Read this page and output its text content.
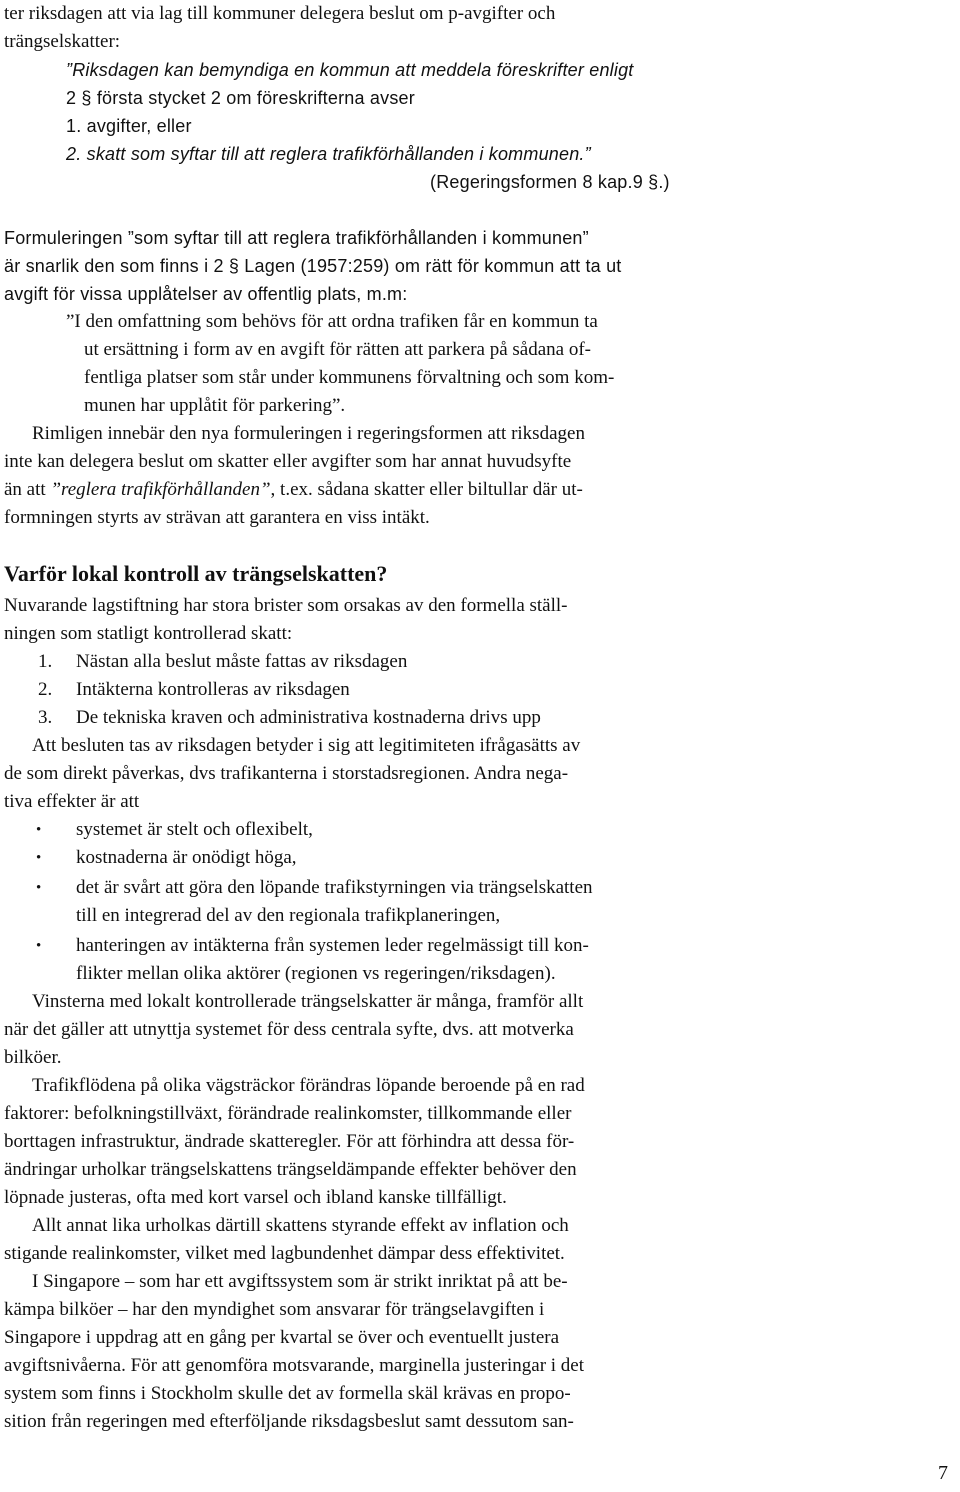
ter riksdagen att via lag till kommuner delegera beslut om p-avgifter och
trängselskatter:
”Riksdagen kan bemyndiga en kommun att meddela föreskrifter enligt
2 § första stycket 2 om föreskrifterna avser
1. avgifter, eller
2. skatt som syftar till att reglera trafikförhållanden i kommunen.”
(Regeringsformen 8 kap.9 §.)
Formuleringen ”som syftar till att reglera trafikförhållanden i kommunen”
är snarlik den som finns i 2 § Lagen (1957:259) om rätt för kommun att ta ut
avgift för vissa upplåtelser av offentlig plats, m.m:
”I den omfattning som behövs för att ordna trafiken får en kommun ta
ut ersättning i form av en avgift för rätten att parkera på sådana of-
fentliga platser som står under kommunens förvaltning och som kom-
munen har upplåtit för parkering”.
Rimligen innebär den nya formuleringen i regeringsformen att riksdagen
inte kan delegera beslut om skatter eller avgifter som har annat huvudsyfte
än att ”reglera trafikförhållanden”, t.ex. sådana skatter eller biltullar där ut-
formningen styrts av strävan att garantera en viss intäkt.
Varför lokal kontroll av trängselskatten?
Nuvarande lagstiftning har stora brister som orsakas av den formella ställ-
ningen som statligt kontrollerad skatt:
1. Nästan alla beslut måste fattas av riksdagen
2. Intäkterna kontrolleras av riksdagen
3. De tekniska kraven och administrativa kostnaderna drivs upp
Att besluten tas av riksdagen betyder i sig att legitimiteten ifrågasätts av
de som direkt påverkas, dvs trafikanterna i storstadsregionen. Andra nega-
tiva effekter är att
• systemet är stelt och oflexibelt,
• kostnaderna är onödigt höga,
• det är svårt att göra den löpande trafikstyrningen via trängselskatten
till en integrerad del av den regionala trafikplaneringen,
• hanteringen av intäkterna från systemen leder regelmässigt till kon-
flikter mellan olika aktörer (regionen vs regeringen/riksdagen).
Vinsterna med lokalt kontrollerade trängselskatter är många, framför allt
när det gäller att utnyttja systemet för dess centrala syfte, dvs. att motverka
bilköer.
Trafikflödena på olika vägsträckor förändras löpande beroende på en rad
faktorer: befolkningstillväxt, förändrade realinkomster, tillkommande eller
borttagen infrastruktur, ändrade skatteregler. För att förhindra att dessa för-
ändringar urholkar trängselskattens trängseldämpande effekter behöver den
löpnade justeras, ofta med kort varsel och ibland kanske tillfälligt.
Allt annat lika urholkas därtill skattens styrande effekt av inflation och
stigande realinkomster, vilket med lagbundenhet dämpar dess effektivitet.
I Singapore – som har ett avgiftssystem som är strikt inriktat på att be-
kämpa bilköer – har den myndighet som ansvarar för trängselavgiften i
Singapore i uppdrag att en gång per kvartal se över och eventuellt justera
avgiftsnivåerna. För att genomföra motsvarande, marginella justeringar i det
system som finns i Stockholm skulle det av formella skäl krävas en propo-
sition från regeringen med efterföljande riksdagsbeslut samt dessutom san-
7
